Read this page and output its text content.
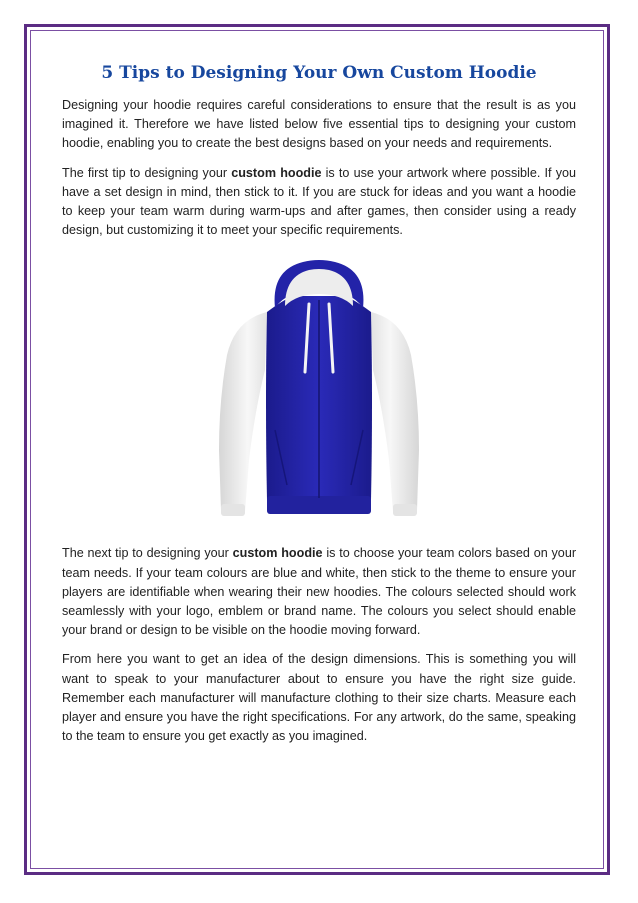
5 Tips to Designing Your Own Custom Hoodie

Designing your hoodie requires careful considerations to ensure that the result is as you imagined it. Therefore we have listed below five essential tips to designing your custom hoodie, enabling you to create the best designs based on your needs and requirements.

The first tip to designing your custom hoodie is to use your artwork where possible. If you have a set design in mind, then stick to it. If you are stuck for ideas and you want a hoodie to keep your team warm during warm-ups and after games, then consider using a ready design, but customizing it to meet your specific requirements.

The next tip to designing your custom hoodie is to choose your team colors based on your team needs. If your team colours are blue and white, then stick to the theme to ensure your players are identifiable when wearing their new hoodies. The colours selected should work seamlessly with your logo, emblem or brand name. The colours you select should enable your brand or design to be visible on the hoodie moving forward.

From here you want to get an idea of the design dimensions. This is something you will want to speak to your manufacturer about to ensure you have the right size guide. Remember each manufacturer will manufacture clothing to their size charts. Measure each player and ensure you have the right specifications. For any artwork, do the same, speaking to the team to ensure you get exactly as you imagined.
